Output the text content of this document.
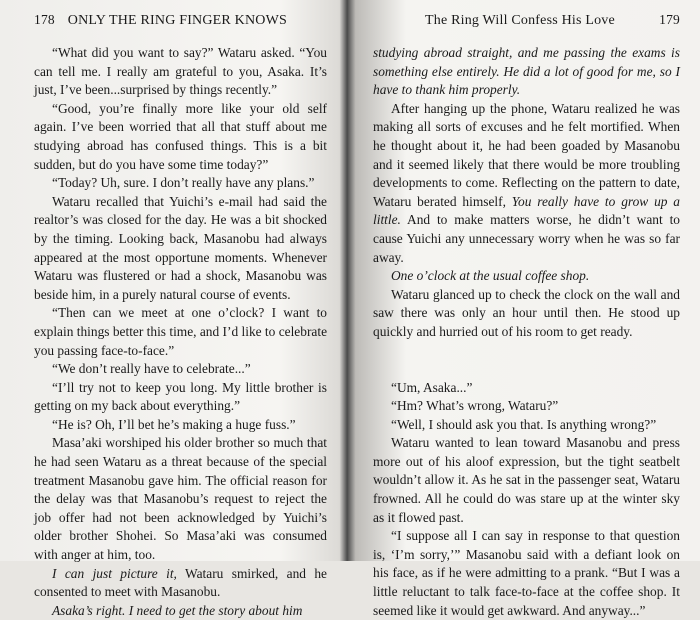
178 ONLY THE RING FINGER KNOWS

“What did you want to say?” Wataru asked. “You can tell me. I really am grateful to you, Asaka. It’s just, I’ve been...surprised by things recently.”

“Good, you’re finally more like your old self again. I’ve been worried that all that stuff about me studying abroad has confused things. This is a bit sudden, but do you have some time today?”

“Today? Uh, sure. I don’t really have any plans.”

Wataru recalled that Yuichi’s e-mail had said the realtor’s was closed for the day. He was a bit shocked by the timing. Looking back, Masanobu had always appeared at the most opportune moments. Whenever Wataru was flustered or had a shock, Masanobu was beside him, in a purely natural course of events.

“Then can we meet at one o’clock? I want to explain things better this time, and I’d like to celebrate you passing face-to-face.”

“We don’t really have to celebrate...”

“I’ll try not to keep you long. My little brother is getting on my back about everything.”

“He is? Oh, I’ll bet he’s making a huge fuss.”

Masa’aki worshiped his older brother so much that he had seen Wataru as a threat because of the special treatment Masanobu gave him. The official reason for the delay was that Masanobu’s request to reject the job offer had not been acknowledged by Yuichi’s older brother Shohei. So Masa’aki was consumed with anger at him, too.

I can just picture it, Wataru smirked, and he consented to meet with Masanobu.

Asaka’s right. I need to get the story about him

The Ring Will Confess His Love	179

studying abroad straight, and me passing the exams is something else entirely. He did a lot of good for me, so I have to thank him properly.

After hanging up the phone, Wataru realized he was making all sorts of excuses and he felt mortified. When he thought about it, he had been goaded by Masanobu and it seemed likely that there would be more troubling developments to come. Reflecting on the pattern to date, Wataru berated himself, You really have to grow up a little. And to make matters worse, he didn’t want to cause Yuichi any unnecessary worry when he was so far away.

One o’clock at the usual coffee shop.

Wataru glanced up to check the clock on the wall and saw there was only an hour until then. He stood up quickly and hurried out of his room to get ready.

“Um, Asaka...”

“Hm? What’s wrong, Wataru?”

“Well, I should ask you that. Is anything wrong?”

Wataru wanted to lean toward Masanobu and press more out of his aloof expression, but the tight seatbelt wouldn’t allow it. As he sat in the passenger seat, Wataru frowned. All he could do was stare up at the winter sky as it flowed past.

“I suppose all I can say in response to that question is, ‘I’m sorry,’” Masanobu said with a defiant look on his face, as if he were admitting to a prank. “But I was a little reluctant to talk face-to-face at the coffee shop. It seemed like it would get awkward. And anyway...”
